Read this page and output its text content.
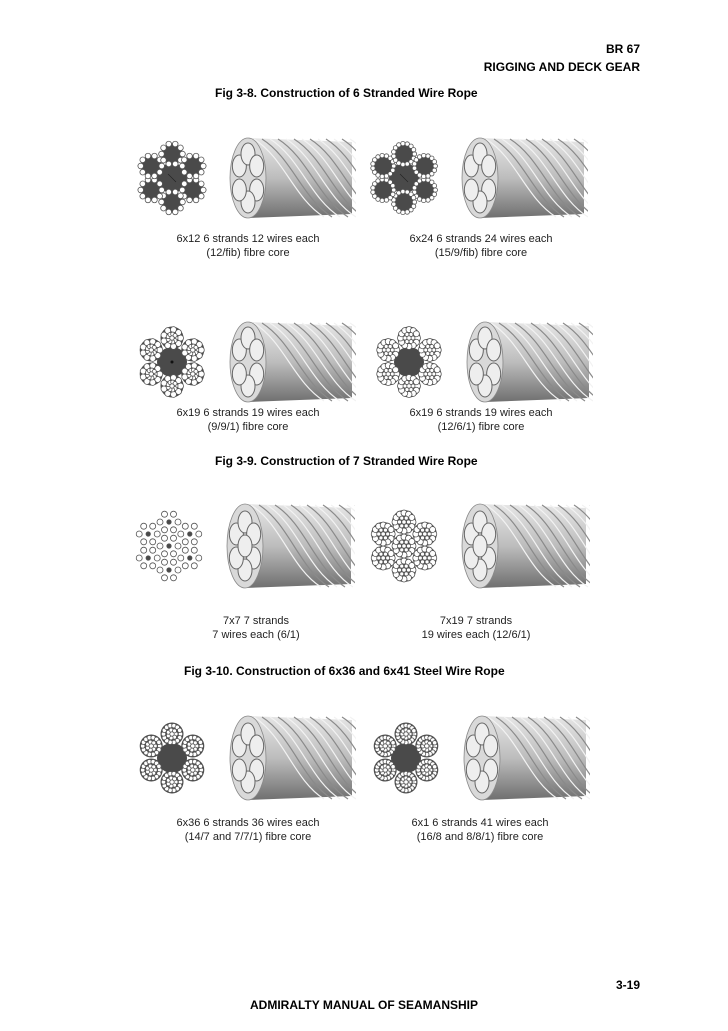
BR 67
RIGGING AND DECK GEAR
Fig 3-8. Construction of 6 Stranded Wire Rope
6x12 6 strands 12 wires each
(12/fib) fibre core
6x24 6 strands 24 wires each
(15/9/fib) fibre core
6x19 6 strands 19 wires each
(9/9/1) fibre core
6x19 6 strands 19 wires each
(12/6/1) fibre core
Fig 3-9. Construction of 7 Stranded Wire Rope
7x7 7 strands
7 wires each (6/1)
7x19 7 strands
19 wires each (12/6/1)
Fig 3-10. Construction of 6x36 and 6x41 Steel Wire Rope
6x36 6 strands 36 wires each
(14/7 and 7/7/1) fibre core
6x1 6 strands 41 wires each
(16/8 and 8/8/1) fibre core
3-19
ADMIRALTY MANUAL OF SEAMANSHIP
